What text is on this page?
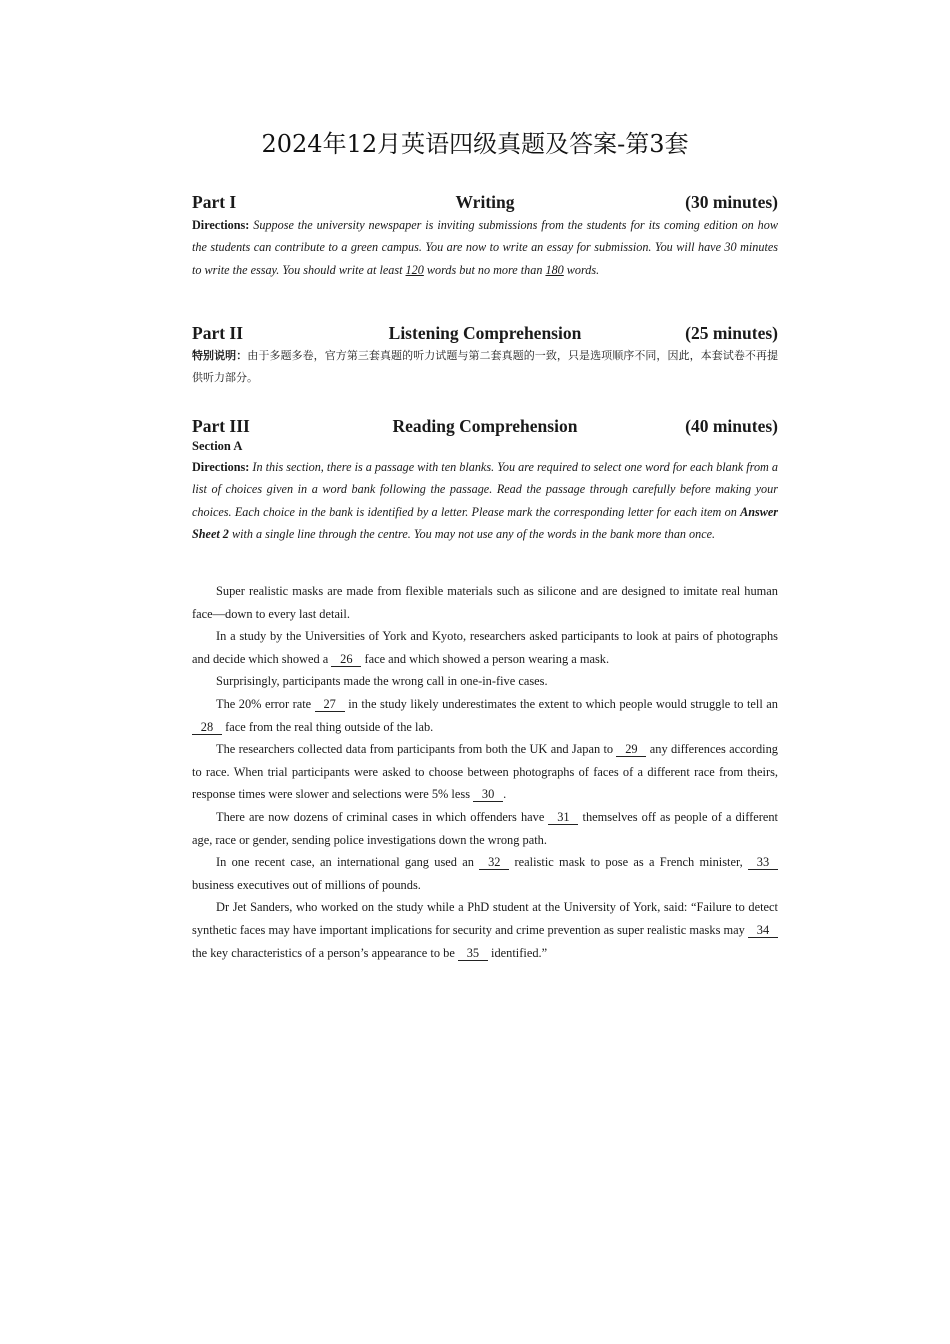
2024年12月英语四级真题及答案-第3套
Part I	Writing	(30 minutes)
Directions: Suppose the university newspaper is inviting submissions from the students for its coming edition on how the students can contribute to a green campus. You are now to write an essay for submission. You will have 30 minutes to write the essay. You should write at least 120 words but no more than 180 words.
Part II	Listening Comprehension	(25 minutes)
特别说明：由于多题多卷，官方第三套真题的听力试题与第二套真题的一致，只是选项顺序不同，因此，本套试卷不再提供听力部分。
Part III	Reading Comprehension	(40 minutes)
Section A
Directions: In this section, there is a passage with ten blanks. You are required to select one word for each blank from a list of choices given in a word bank following the passage. Read the passage through carefully before making your choices. Each choice in the bank is identified by a letter. Please mark the corresponding letter for each item on Answer Sheet 2 with a single line through the centre. You may not use any of the words in the bank more than once.

Super realistic masks are made from flexible materials such as silicone and are designed to imitate real human face—down to every last detail.

In a study by the Universities of York and Kyoto, researchers asked participants to look at pairs of photographs and decide which showed a 26 face and which showed a person wearing a mask.

Surprisingly, participants made the wrong call in one-in-five cases.

The 20% error rate 27 in the study likely underestimates the extent to which people would struggle to tell an 28 face from the real thing outside of the lab.

The researchers collected data from participants from both the UK and Japan to 29 any differences according to race. When trial participants were asked to choose between photographs of faces of a different race from theirs, response times were slower and selections were 5% less 30 .

There are now dozens of criminal cases in which offenders have 31 themselves off as people of a different age, race or gender, sending police investigations down the wrong path.

In one recent case, an international gang used an 32 realistic mask to pose as a French minister, 33 business executives out of millions of pounds.

Dr Jet Sanders, who worked on the study while a PhD student at the University of York, said: “Failure to detect synthetic faces may have important implications for security and crime prevention as super realistic masks may 34 the key characteristics of a person’s appearance to be 35 identified.”
